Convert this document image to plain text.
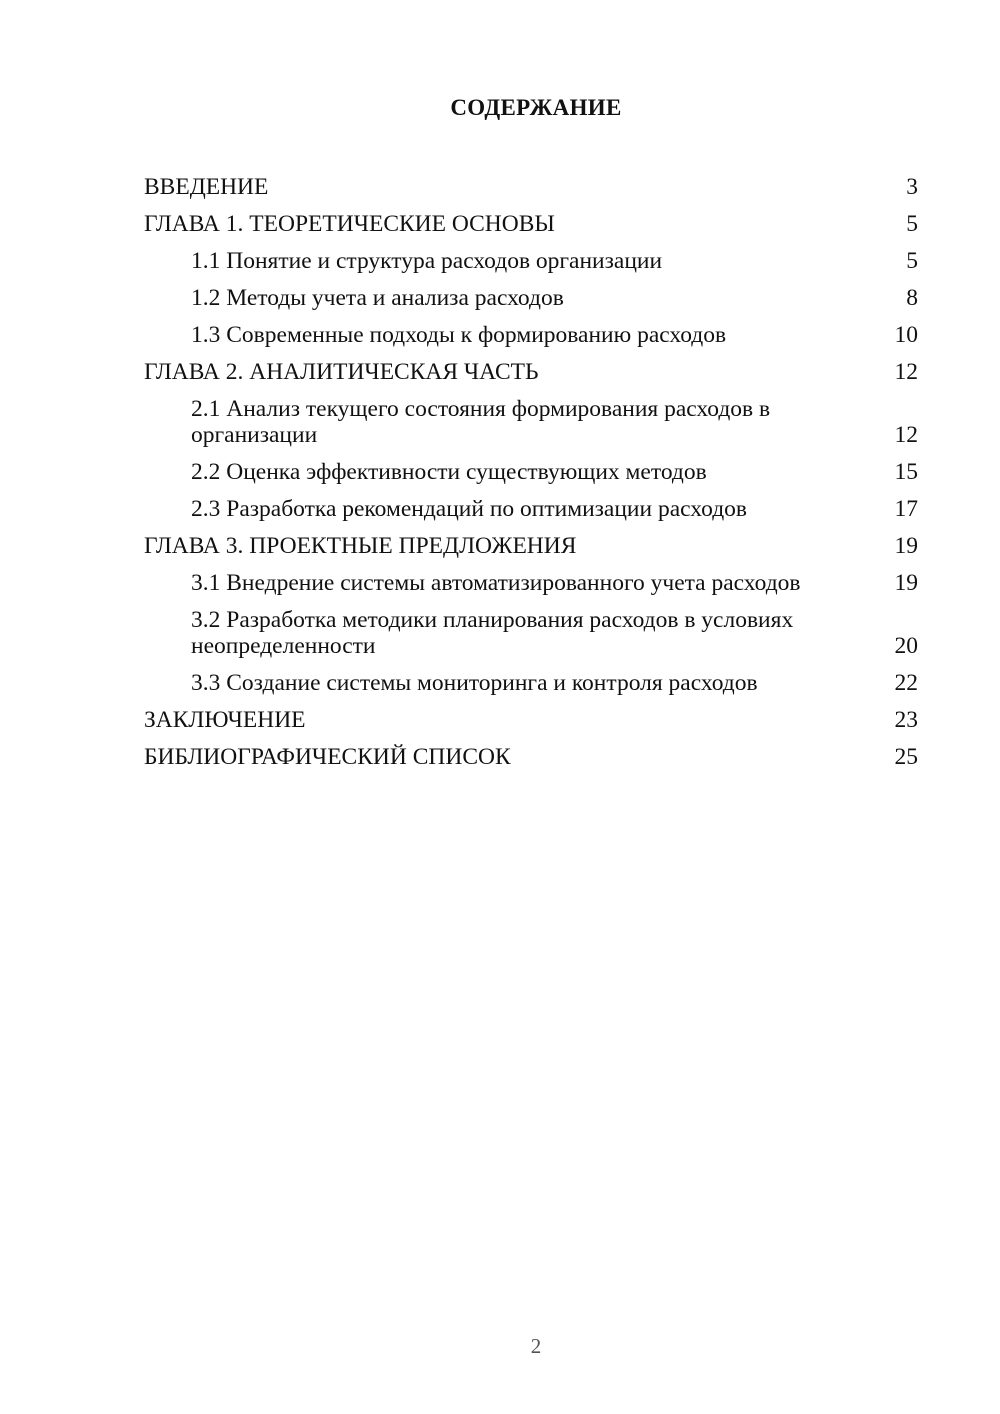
СОДЕРЖАНИЕ
ВВЕДЕНИЕ	3
ГЛАВА 1. ТЕОРЕТИЧЕСКИЕ ОСНОВЫ	5
1.1 Понятие и структура расходов организации	5
1.2 Методы учета и анализа расходов	8
1.3 Современные подходы к формированию расходов	10
ГЛАВА 2. АНАЛИТИЧЕСКАЯ ЧАСТЬ	12
2.1 Анализ текущего состояния формирования расходов в организации	12
2.2 Оценка эффективности существующих методов	15
2.3 Разработка рекомендаций по оптимизации расходов	17
ГЛАВА 3. ПРОЕКТНЫЕ ПРЕДЛОЖЕНИЯ	19
3.1 Внедрение системы автоматизированного учета расходов	19
3.2 Разработка методики планирования расходов в условиях неопределенности	20
3.3 Создание системы мониторинга и контроля расходов	22
ЗАКЛЮЧЕНИЕ	23
БИБЛИОГРАФИЧЕСКИЙ СПИСОК	25
2
